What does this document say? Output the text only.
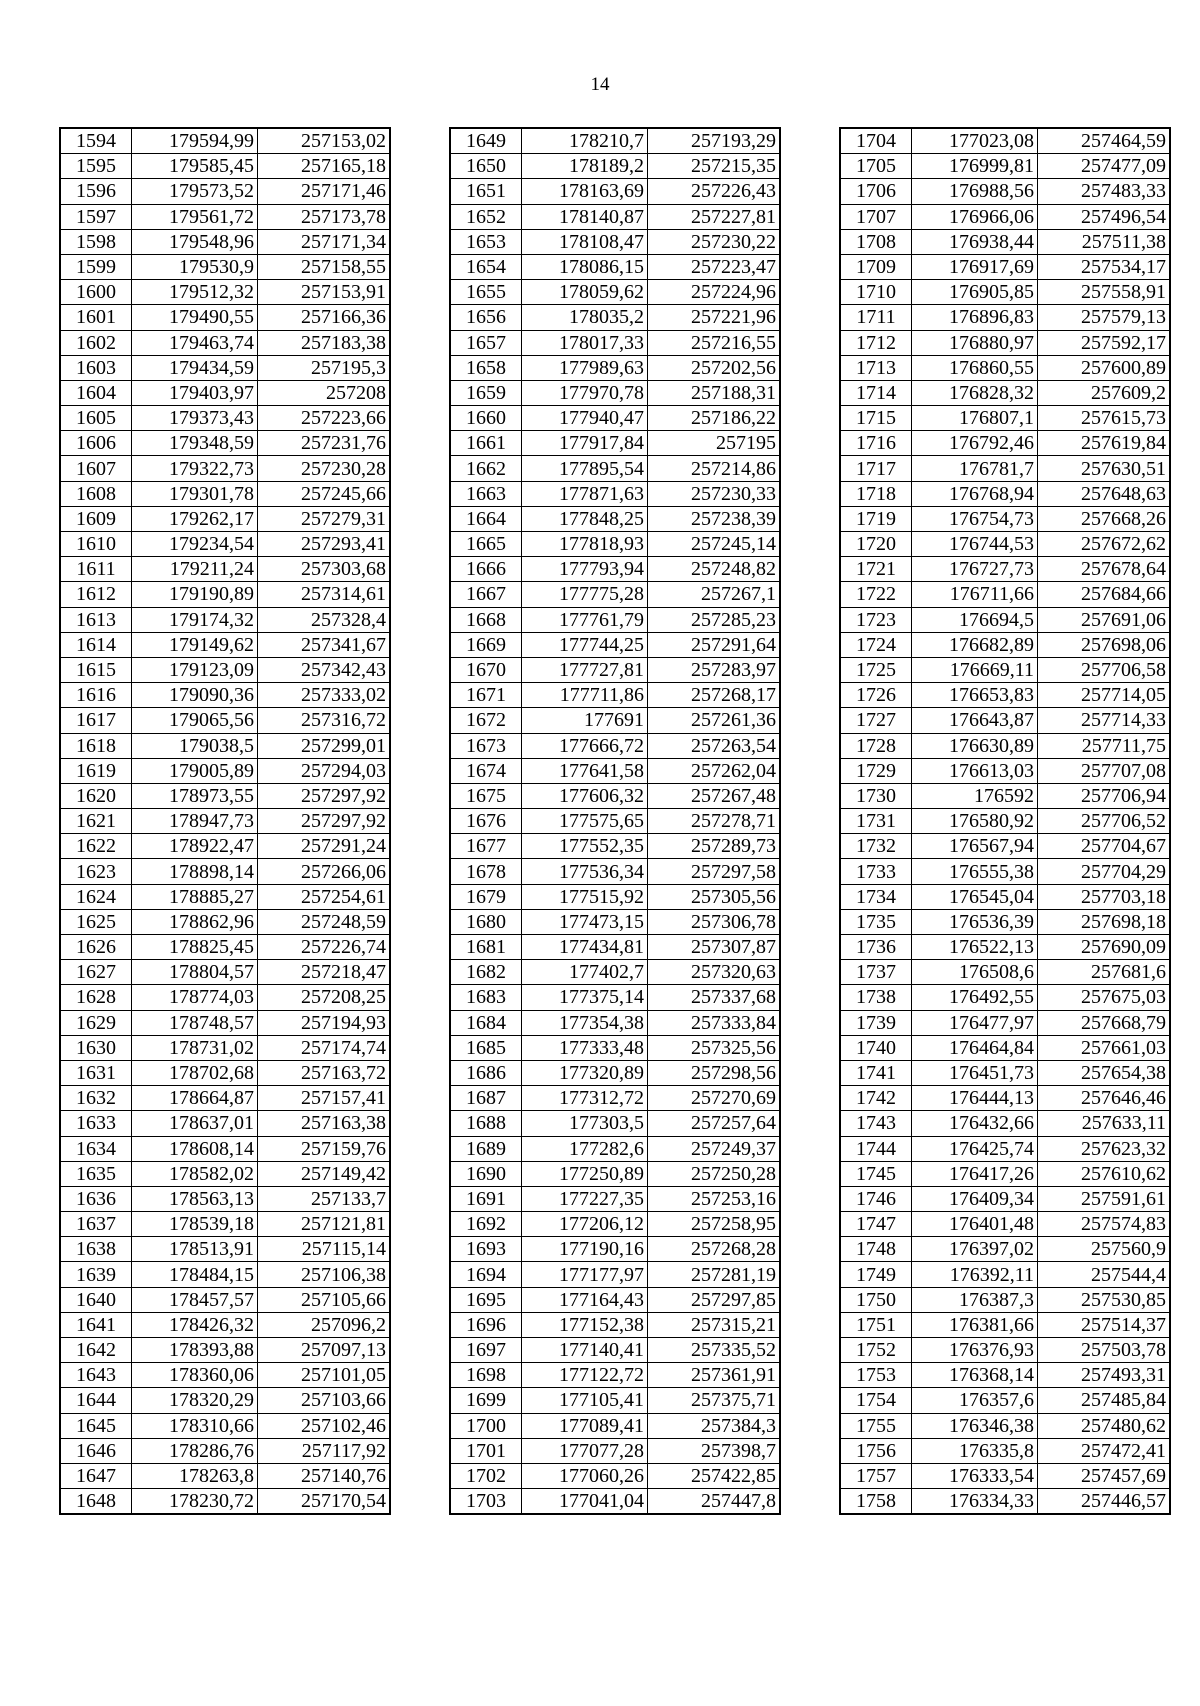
14
1594	179594,99	257153,02
1595	179585,45	257165,18
1596	179573,52	257171,46
1597	179561,72	257173,78
1598	179548,96	257171,34
1599	179530,9	257158,55
1600	179512,32	257153,91
1601	179490,55	257166,36
1602	179463,74	257183,38
1603	179434,59	257195,3
1604	179403,97	257208
1605	179373,43	257223,66
1606	179348,59	257231,76
1607	179322,73	257230,28
1608	179301,78	257245,66
1609	179262,17	257279,31
1610	179234,54	257293,41
1611	179211,24	257303,68
1612	179190,89	257314,61
1613	179174,32	257328,4
1614	179149,62	257341,67
1615	179123,09	257342,43
1616	179090,36	257333,02
1617	179065,56	257316,72
1618	179038,5	257299,01
1619	179005,89	257294,03
1620	178973,55	257297,92
1621	178947,73	257297,92
1622	178922,47	257291,24
1623	178898,14	257266,06
1624	178885,27	257254,61
1625	178862,96	257248,59
1626	178825,45	257226,74
1627	178804,57	257218,47
1628	178774,03	257208,25
1629	178748,57	257194,93
1630	178731,02	257174,74
1631	178702,68	257163,72
1632	178664,87	257157,41
1633	178637,01	257163,38
1634	178608,14	257159,76
1635	178582,02	257149,42
1636	178563,13	257133,7
1637	178539,18	257121,81
1638	178513,91	257115,14
1639	178484,15	257106,38
1640	178457,57	257105,66
1641	178426,32	257096,2
1642	178393,88	257097,13
1643	178360,06	257101,05
1644	178320,29	257103,66
1645	178310,66	257102,46
1646	178286,76	257117,92
1647	178263,8	257140,76
1648	178230,72	257170,54
1649	178210,7	257193,29
1650	178189,2	257215,35
1651	178163,69	257226,43
1652	178140,87	257227,81
1653	178108,47	257230,22
1654	178086,15	257223,47
1655	178059,62	257224,96
1656	178035,2	257221,96
1657	178017,33	257216,55
1658	177989,63	257202,56
1659	177970,78	257188,31
1660	177940,47	257186,22
1661	177917,84	257195
1662	177895,54	257214,86
1663	177871,63	257230,33
1664	177848,25	257238,39
1665	177818,93	257245,14
1666	177793,94	257248,82
1667	177775,28	257267,1
1668	177761,79	257285,23
1669	177744,25	257291,64
1670	177727,81	257283,97
1671	177711,86	257268,17
1672	177691	257261,36
1673	177666,72	257263,54
1674	177641,58	257262,04
1675	177606,32	257267,48
1676	177575,65	257278,71
1677	177552,35	257289,73
1678	177536,34	257297,58
1679	177515,92	257305,56
1680	177473,15	257306,78
1681	177434,81	257307,87
1682	177402,7	257320,63
1683	177375,14	257337,68
1684	177354,38	257333,84
1685	177333,48	257325,56
1686	177320,89	257298,56
1687	177312,72	257270,69
1688	177303,5	257257,64
1689	177282,6	257249,37
1690	177250,89	257250,28
1691	177227,35	257253,16
1692	177206,12	257258,95
1693	177190,16	257268,28
1694	177177,97	257281,19
1695	177164,43	257297,85
1696	177152,38	257315,21
1697	177140,41	257335,52
1698	177122,72	257361,91
1699	177105,41	257375,71
1700	177089,41	257384,3
1701	177077,28	257398,7
1702	177060,26	257422,85
1703	177041,04	257447,8
1704	177023,08	257464,59
1705	176999,81	257477,09
1706	176988,56	257483,33
1707	176966,06	257496,54
1708	176938,44	257511,38
1709	176917,69	257534,17
1710	176905,85	257558,91
1711	176896,83	257579,13
1712	176880,97	257592,17
1713	176860,55	257600,89
1714	176828,32	257609,2
1715	176807,1	257615,73
1716	176792,46	257619,84
1717	176781,7	257630,51
1718	176768,94	257648,63
1719	176754,73	257668,26
1720	176744,53	257672,62
1721	176727,73	257678,64
1722	176711,66	257684,66
1723	176694,5	257691,06
1724	176682,89	257698,06
1725	176669,11	257706,58
1726	176653,83	257714,05
1727	176643,87	257714,33
1728	176630,89	257711,75
1729	176613,03	257707,08
1730	176592	257706,94
1731	176580,92	257706,52
1732	176567,94	257704,67
1733	176555,38	257704,29
1734	176545,04	257703,18
1735	176536,39	257698,18
1736	176522,13	257690,09
1737	176508,6	257681,6
1738	176492,55	257675,03
1739	176477,97	257668,79
1740	176464,84	257661,03
1741	176451,73	257654,38
1742	176444,13	257646,46
1743	176432,66	257633,11
1744	176425,74	257623,32
1745	176417,26	257610,62
1746	176409,34	257591,61
1747	176401,48	257574,83
1748	176397,02	257560,9
1749	176392,11	257544,4
1750	176387,3	257530,85
1751	176381,66	257514,37
1752	176376,93	257503,78
1753	176368,14	257493,31
1754	176357,6	257485,84
1755	176346,38	257480,62
1756	176335,8	257472,41
1757	176333,54	257457,69
1758	176334,33	257446,57
